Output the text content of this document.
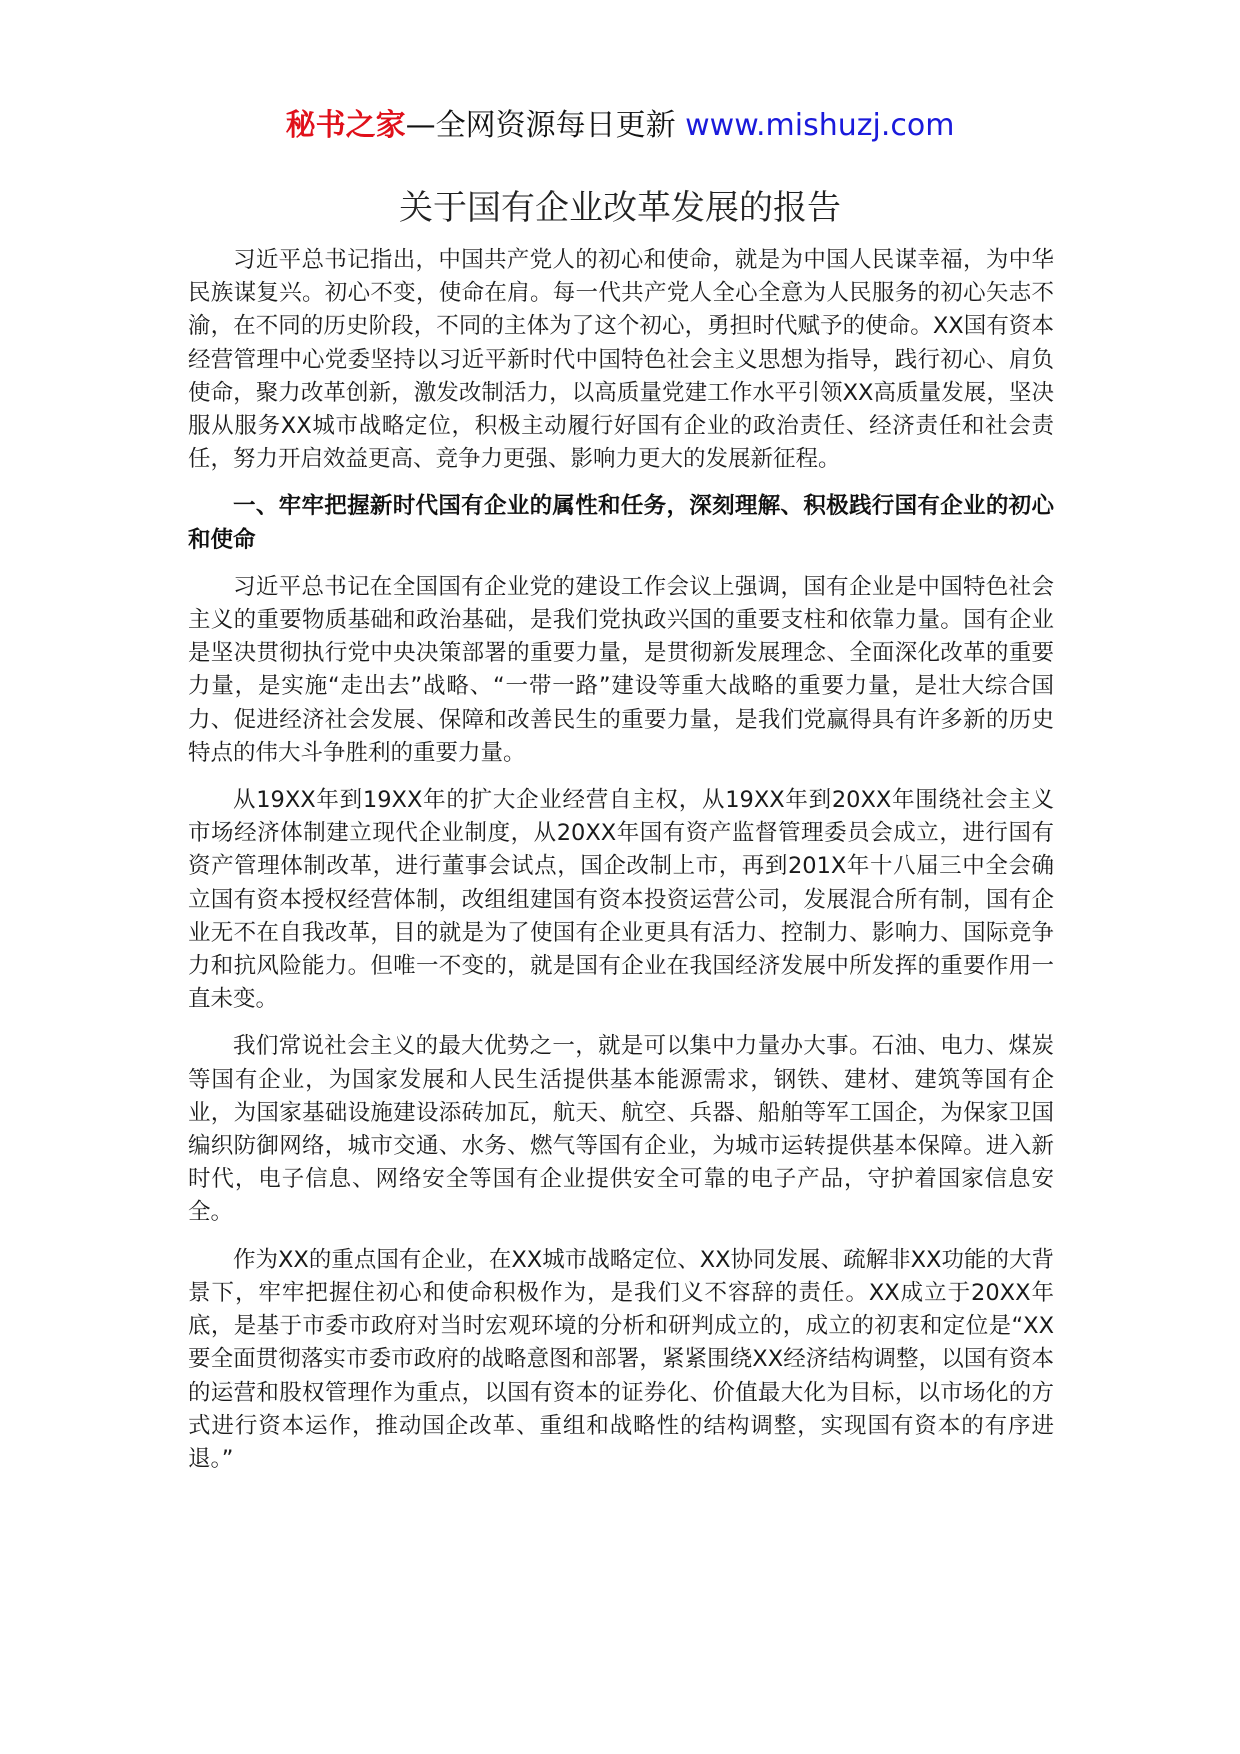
秘书之家—全网资源每日更新 www.mishuzj.com
关于国有企业改革发展的报告

习近平总书记指出，中国共产党人的初心和使命，就是为中国人民谋幸福，为中华民族谋复兴。初心不变，使命在肩。每一代共产党人全心全意为人民服务的初心矢志不渝，在不同的历史阶段，不同的主体为了这个初心，勇担时代赋予的使命。XX国有资本经营管理中心党委坚持以习近平新时代中国特色社会主义思想为指导，践行初心、肩负使命，聚力改革创新，激发改制活力，以高质量党建工作水平引领XX高质量发展，坚决服从服务XX城市战略定位，积极主动履行好国有企业的政治责任、经济责任和社会责任，努力开启效益更高、竞争力更强、影响力更大的发展新征程。

一、牢牢把握新时代国有企业的属性和任务，深刻理解、积极践行国有企业的初心和使命

习近平总书记在全国国有企业党的建设工作会议上强调，国有企业是中国特色社会主义的重要物质基础和政治基础，是我们党执政兴国的重要支柱和依靠力量。国有企业是坚决贯彻执行党中央决策部署的重要力量，是贯彻新发展理念、全面深化改革的重要力量，是实施“走出去”战略、“一带一路”建设等重大战略的重要力量，是壮大综合国力、促进经济社会发展、保障和改善民生的重要力量，是我们党赢得具有许多新的历史特点的伟大斗争胜利的重要力量。

从19XX年到19XX年的扩大企业经营自主权，从19XX年到20XX年围绕社会主义市场经济体制建立现代企业制度，从20XX年国有资产监督管理委员会成立，进行国有资产管理体制改革，进行董事会试点，国企改制上市，再到201X年十八届三中全会确立国有资本授权经营体制，改组组建国有资本投资运营公司，发展混合所有制，国有企业无不在自我改革，目的就是为了使国有企业更具有活力、控制力、影响力、国际竞争力和抗风险能力。但唯一不变的，就是国有企业在我国经济发展中所发挥的重要作用一直未变。

我们常说社会主义的最大优势之一，就是可以集中力量办大事。石油、电力、煤炭等国有企业，为国家发展和人民生活提供基本能源需求，钢铁、建材、建筑等国有企业，为国家基础设施建设添砖加瓦，航天、航空、兵器、船舶等军工国企，为保家卫国编织防御网络，城市交通、水务、燃气等国有企业，为城市运转提供基本保障。进入新时代，电子信息、网络安全等国有企业提供安全可靠的电子产品，守护着国家信息安全。

作为XX的重点国有企业，在XX城市战略定位、XX协同发展、疏解非XX功能的大背景下，牢牢把握住初心和使命积极作为，是我们义不容辞的责任。XX成立于20XX年底，是基于市委市政府对当时宏观环境的分析和研判成立的，成立的初衷和定位是“XX要全面贯彻落实市委市政府的战略意图和部署，紧紧围绕XX经济结构调整，以国有资本的运营和股权管理作为重点，以国有资本的证券化、价值最大化为目标，以市场化的方式进行资本运作，推动国企改革、重组和战略性的结构调整，实现国有资本的有序进退。”
